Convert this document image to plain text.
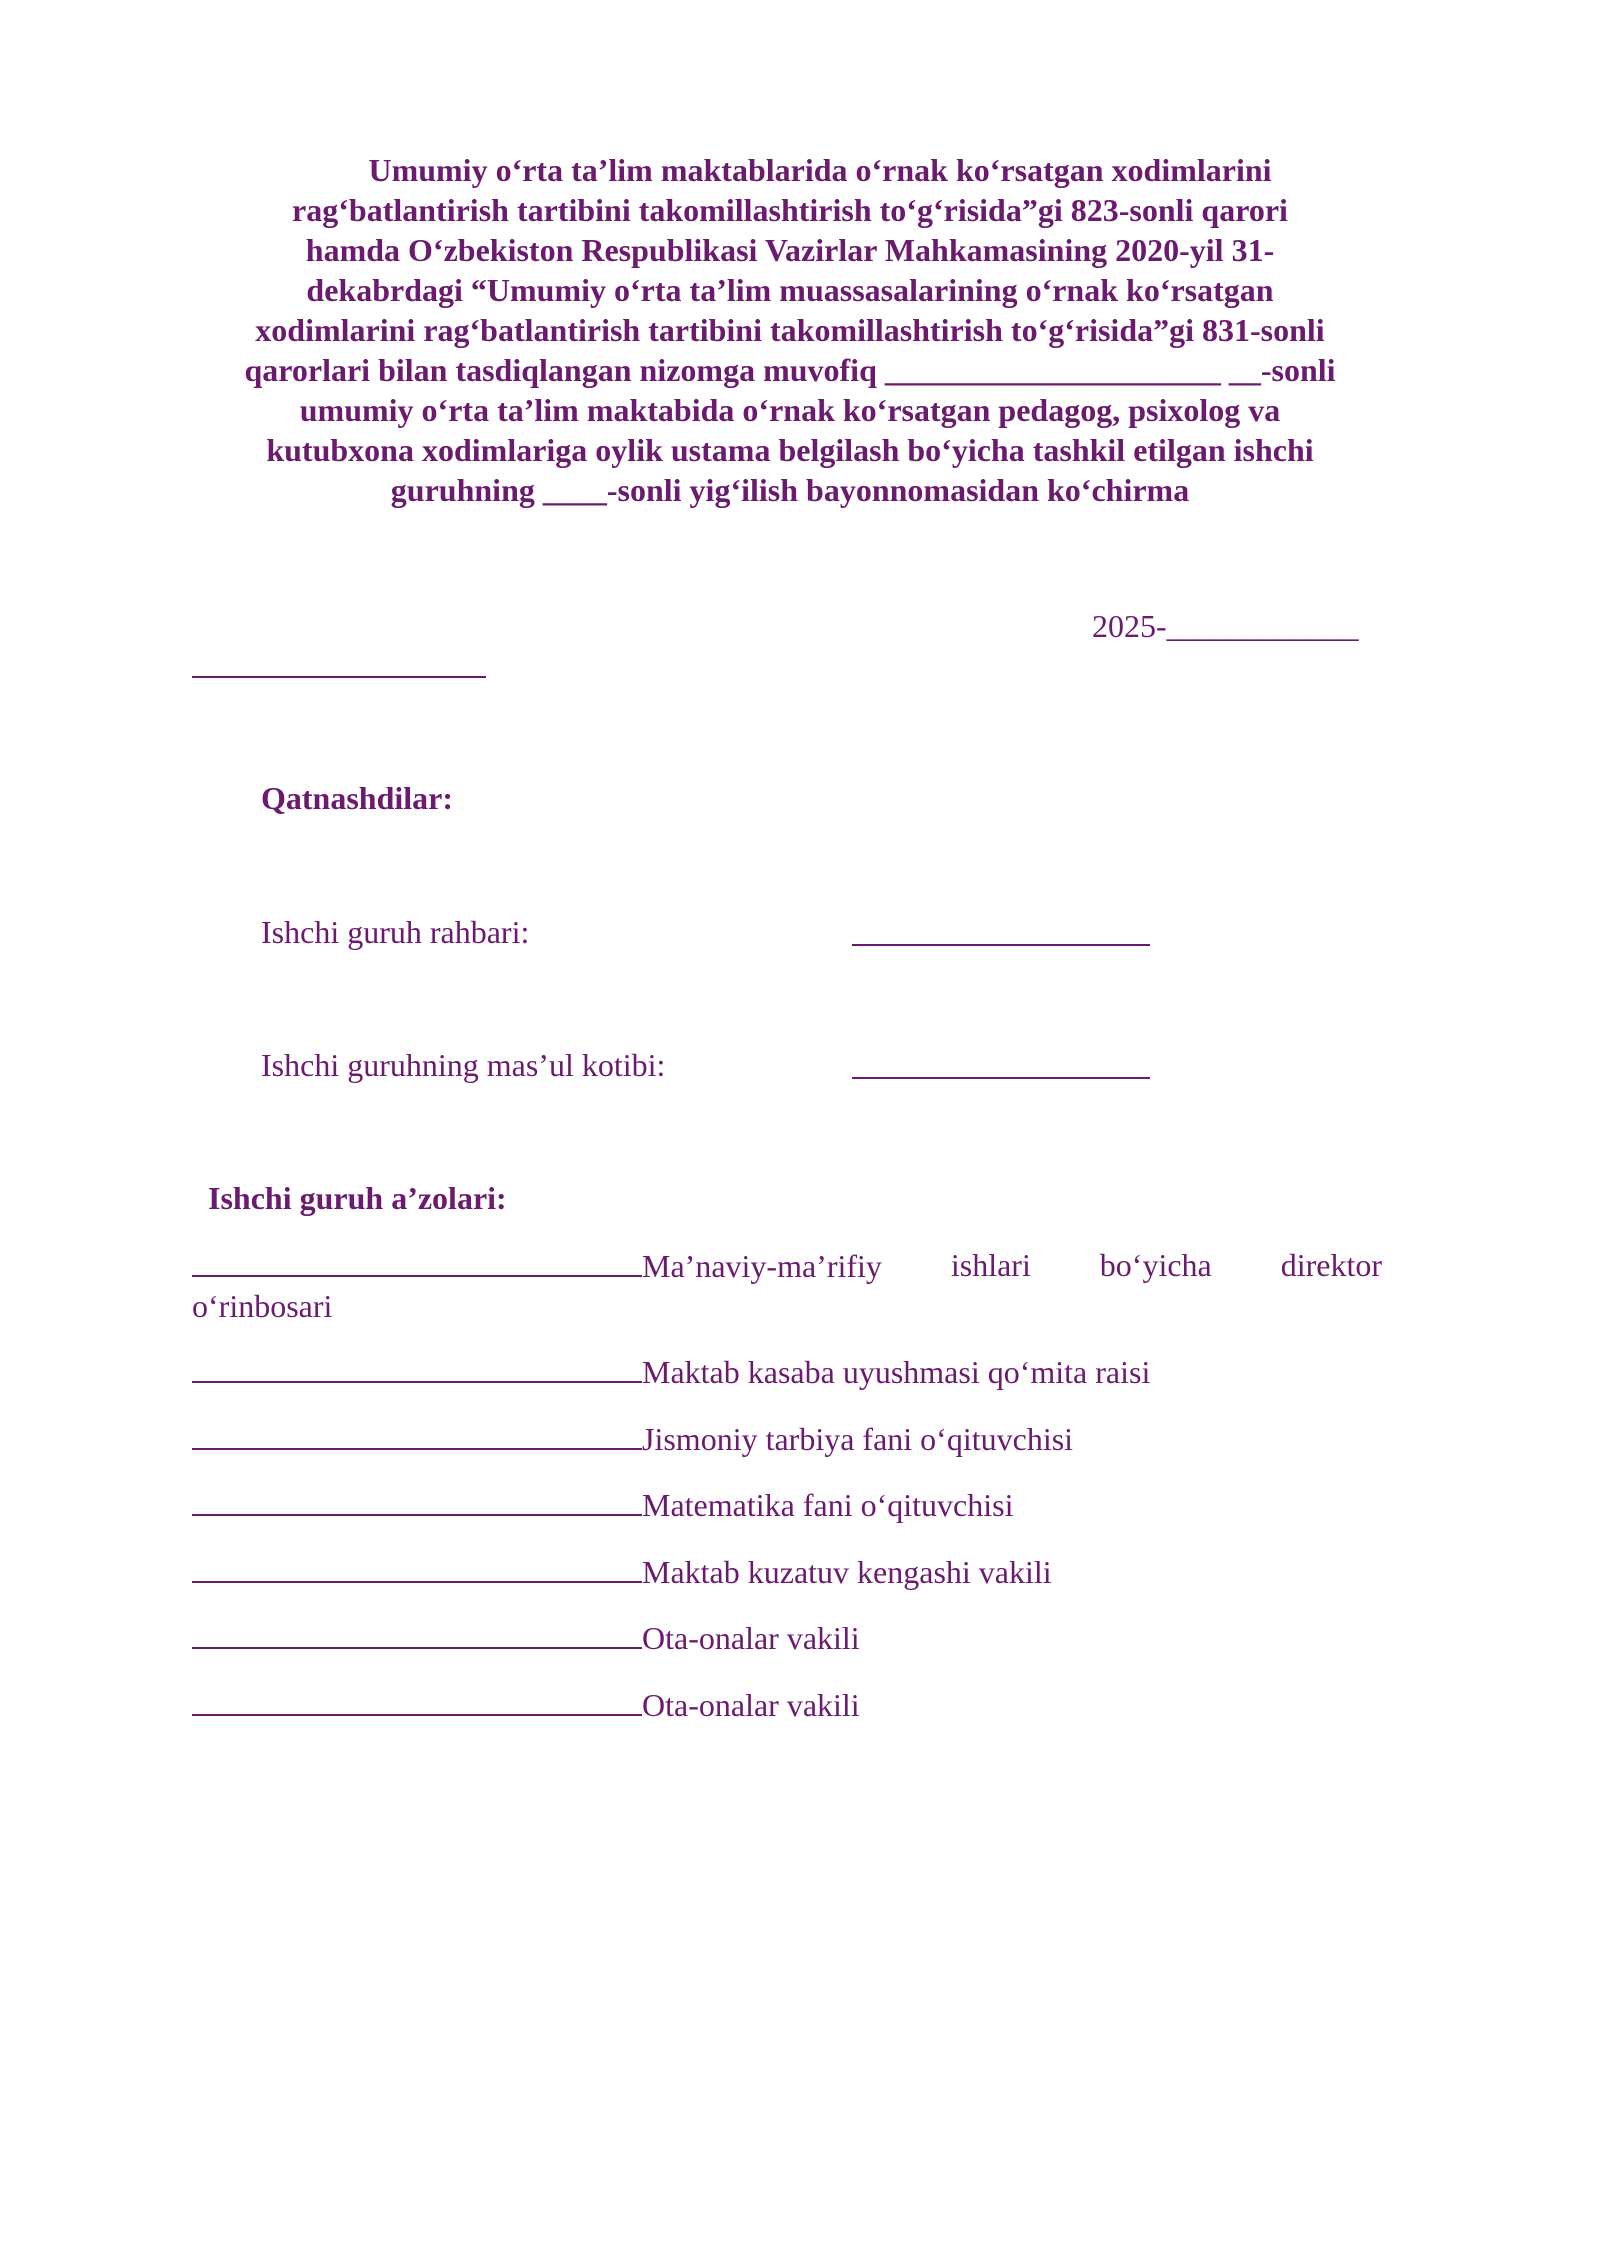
Umumiy o‘rta ta’lim maktablarida o‘rnak ko‘rsatgan xodimlarini
rag‘batlantirish tartibini takomillashtirish to‘g‘risida”gi 823-sonli qarori
hamda O‘zbekiston Respublikasi Vazirlar Mahkamasining 2020-yil 31-
dekabrdagi “Umumiy o‘rta ta’lim muassasalarining o‘rnak ko‘rsatgan
xodimlarini rag‘batlantirish tartibini takomillashtirish to‘g‘risida”gi 831-sonli
qarorlari bilan tasdiqlangan nizomga muvofiq _____________________ __-sonli
umumiy o‘rta ta’lim maktabida o‘rnak ko‘rsatgan pedagog, psixolog va
kutubxona xodimlariga oylik ustama belgilash bo‘yicha tashkil etilgan ishchi
guruhning ____-sonli yig‘ilish bayonnomasidan ko‘chirma
2025-____________
Qatnashdilar:
Ishchi guruh rahbari:
Ishchi guruhning mas’ul kotibi:
Ishchi guruh a’zolari:
Ma’naviy-ma’rifiy ishlari bo‘yicha direktor
o‘rinbosari
Maktab kasaba uyushmasi qo‘mita raisi
Jismoniy tarbiya fani o‘qituvchisi
Matematika fani o‘qituvchisi
Maktab kuzatuv kengashi vakili
Ota-onalar vakili
Ota-onalar vakili
